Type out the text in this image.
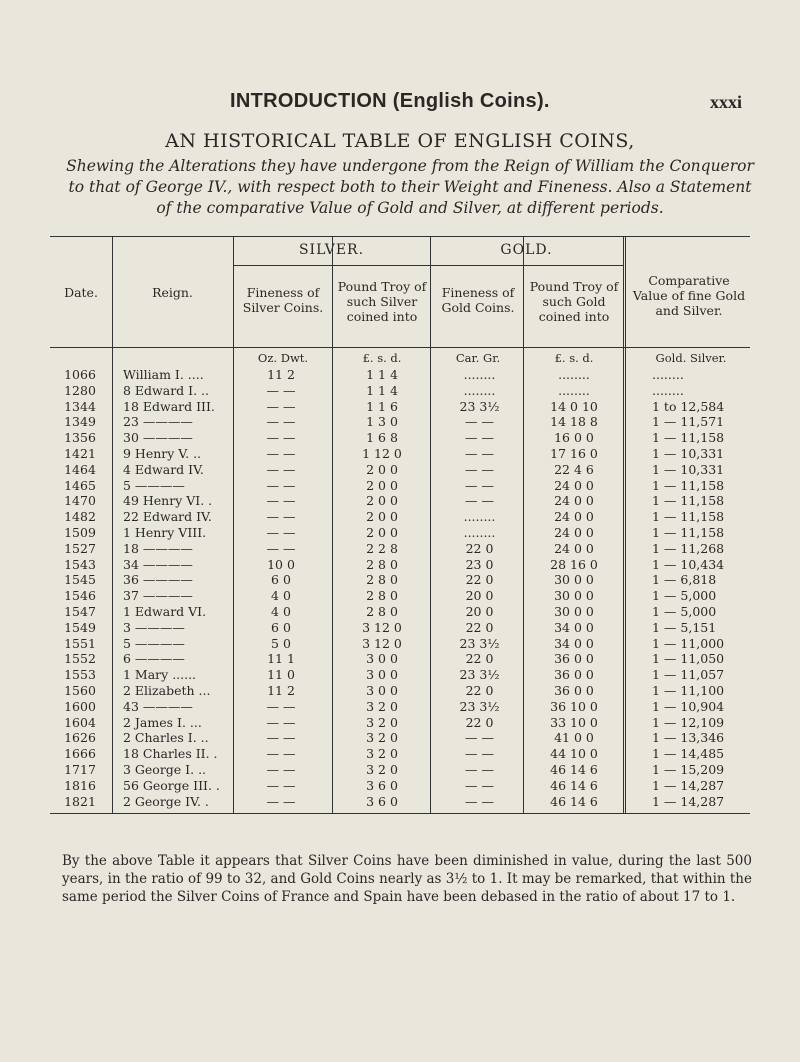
INTRODUCTION (English Coins).	xxxi
AN HISTORICAL TABLE OF ENGLISH COINS,
Shewing the Alterations they have undergone from the Reign of William the Conqueror to that of George IV., with respect both to their Weight and Fineness. Also a Statement of the comparative Value of Gold and Silver, at different periods.
SILVER.	GOLD.
Date.	Reign.	Fineness of Silver Coins.
Pound Troy of such Silver coined into
Fineness of Gold Coins.
Pound Troy of such Gold coined into
Comparative Value of fine Gold and Silver.
Oz. Dwt.	£. s. d.	Car. Gr.	£. s. d.	Gold. Silver.
1066	William I. ....	11 2	1 1 4	........	........	........
1280	8 Edward I. ..	— —	1 1 4	........	........	........
1344	18 Edward III.	— —	1 1 6	23 3½	14 0 10	1 to 12,584
1349	23 ————	— —	1 3 0	— —	14 18 8	1 — 11,571
1356	30 ————	— —	1 6 8	— —	16 0 0	1 — 11,158
1421	9 Henry V. ..	— —	1 12 0	— —	17 16 0	1 — 10,331
1464	4 Edward IV.	— —	2 0 0	— —	22 4 6	1 — 10,331
1465	5 ————	— —	2 0 0	— —	24 0 0	1 — 11,158
1470	49 Henry VI. .	— —	2 0 0	— —	24 0 0	1 — 11,158
1482	22 Edward IV.	— —	2 0 0	........	24 0 0	1 — 11,158
1509	1 Henry VIII.	— —	2 0 0	........	24 0 0	1 — 11,158
1527	18 ————	— —	2 2 8	22 0	24 0 0	1 — 11,268
1543	34 ————	10 0	2 8 0	23 0	28 16 0	1 — 10,434
1545	36 ————	6 0	2 8 0	22 0	30 0 0	1 — 6,818
1546	37 ————	4 0	2 8 0	20 0	30 0 0	1 — 5,000
1547	1 Edward VI.	4 0	2 8 0	20 0	30 0 0	1 — 5,000
1549	3 ————	6 0	3 12 0	22 0	34 0 0	1 — 5,151
1551	5 ————	5 0	3 12 0	23 3½	34 0 0	1 — 11,000
1552	6 ————	11 1	3 0 0	22 0	36 0 0	1 — 11,050
1553	1 Mary ......	11 0	3 0 0	23 3½	36 0 0	1 — 11,057
1560	2 Elizabeth ...	11 2	3 0 0	22 0	36 0 0	1 — 11,100
1600	43 ————	— —	3 2 0	23 3½	36 10 0	1 — 10,904
1604	2 James I. ...	— —	3 2 0	22 0	33 10 0	1 — 12,109
1626	2 Charles I. ..	— —	3 2 0	— —	41 0 0	1 — 13,346
1666	18 Charles II. .	— —	3 2 0	— —	44 10 0	1 — 14,485
1717	3 George I. ..	— —	3 2 0	— —	46 14 6	1 — 15,209
1816	56 George III. .	— —	3 6 0	— —	46 14 6	1 — 14,287
1821	2 George IV. .	— —	3 6 0	— —	46 14 6	1 — 14,287
By the above Table it appears that Silver Coins have been diminished in value, during the last 500 years, in the ratio of 99 to 32, and Gold Coins nearly as 3½ to 1. It may be remarked, that within the same period the Silver Coins of France and Spain have been debased in the ratio of about 17 to 1.
